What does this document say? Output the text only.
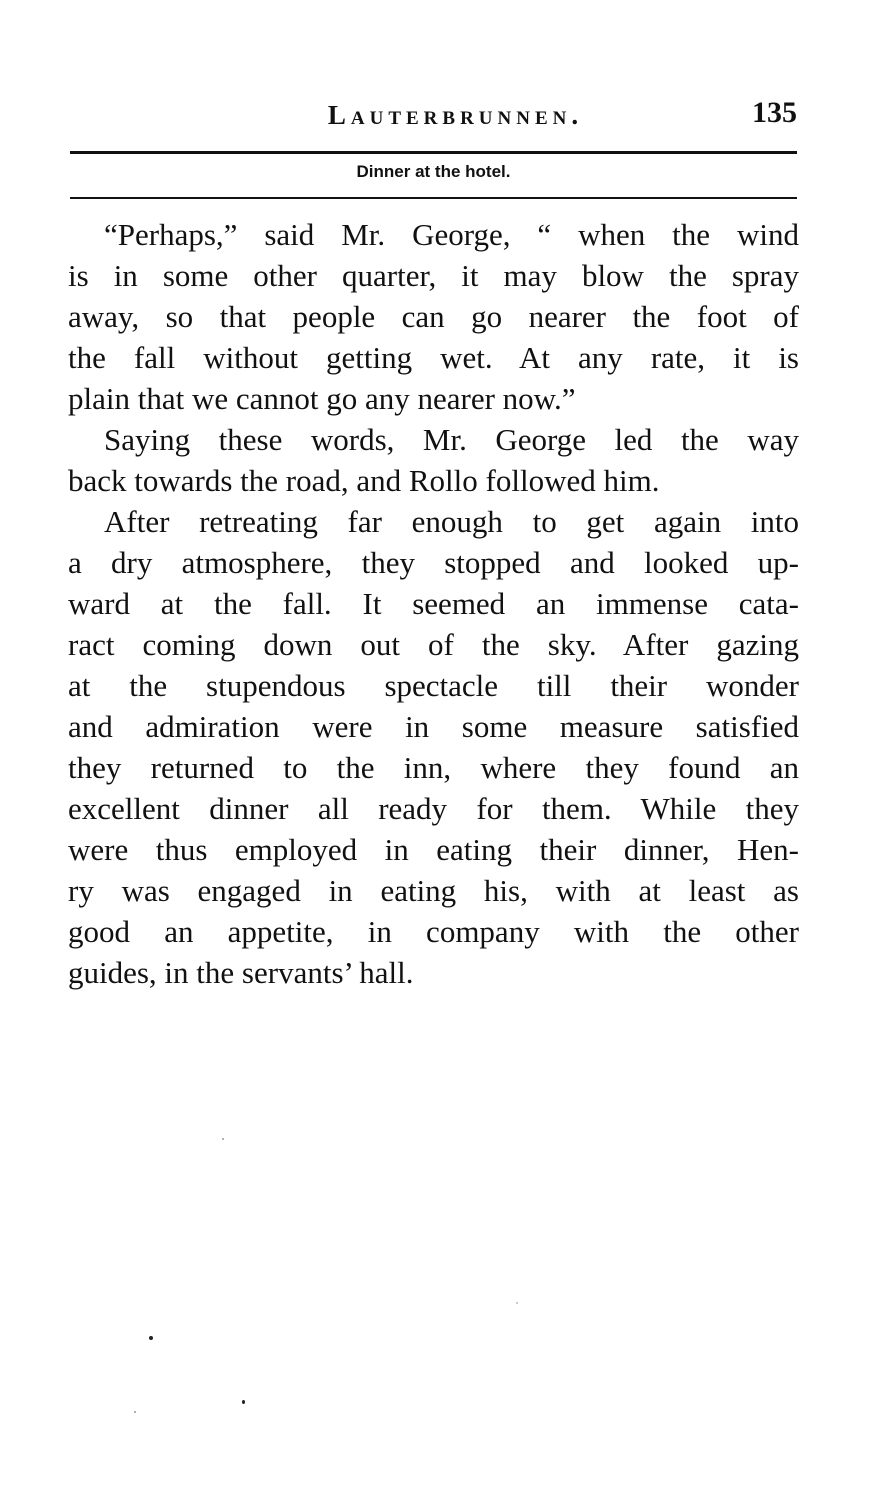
Lauterbrunnen.	135
Dinner at the hotel.

“Perhaps,” said Mr. George, “ when the wind
is in some other quarter, it may blow the spray
away, so that people can go nearer the foot of
the fall without getting wet. At any rate, it is
plain that we cannot go any nearer now.”

Saying these words, Mr. George led the way
back towards the road, and Rollo followed him.

After retreating far enough to get again into
a dry atmosphere, they stopped and looked up-
ward at the fall. It seemed an immense cata-
ract coming down out of the sky. After gazing
at the stupendous spectacle till their wonder
and admiration were in some measure satisfied
they returned to the inn, where they found an
excellent dinner all ready for them. While they
were thus employed in eating their dinner, Hen-
ry was engaged in eating his, with at least as
good an appetite, in company with the other
guides, in the servants’ hall.
